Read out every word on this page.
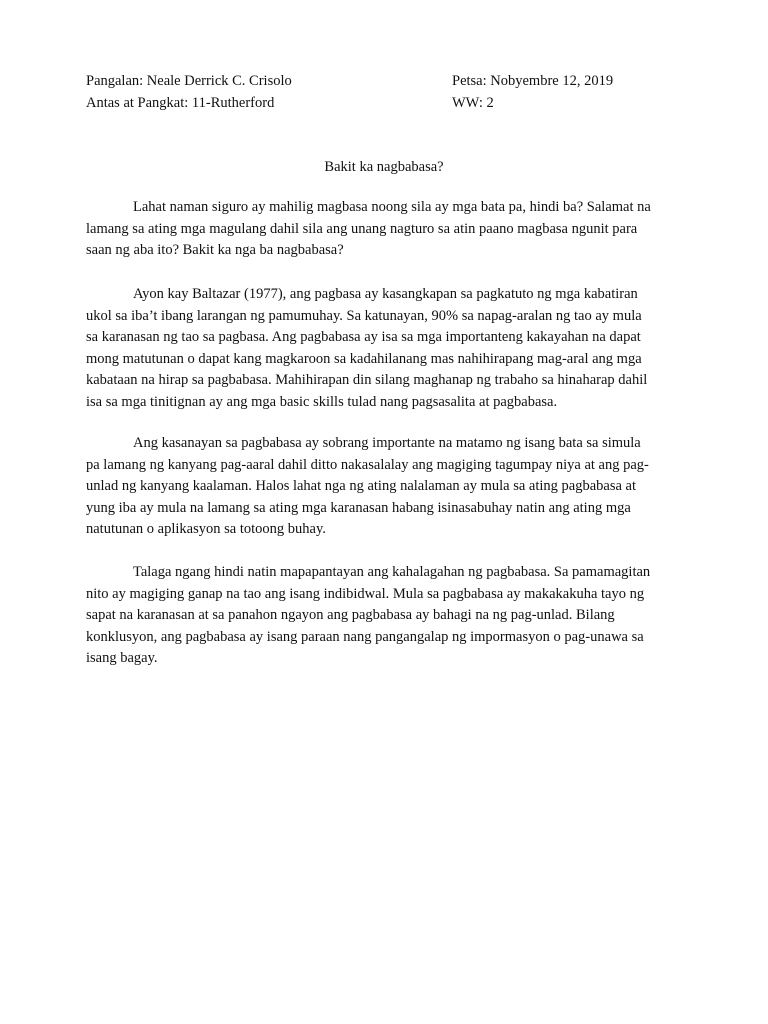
Pangalan: Neale Derrick C. Crisolo	Petsa: Nobyembre 12, 2019
Antas at Pangkat: 11-Rutherford	WW: 2
Bakit ka nagbabasa?
Lahat naman siguro ay mahilig magbasa noong sila ay mga bata pa, hindi ba? Salamat na
lamang sa ating mga magulang dahil sila ang unang nagturo sa atin paano magbasa ngunit para
saan ng aba ito? Bakit ka nga ba nagbabasa?
Ayon kay Baltazar (1977), ang pagbasa ay kasangkapan sa pagkatuto ng mga kabatiran
ukol sa iba’t ibang larangan ng pamumuhay. Sa katunayan, 90% sa napag-aralan ng tao ay mula
sa karanasan ng tao sa pagbasa. Ang pagbabasa ay isa sa mga importanteng kakayahan na dapat
mong matutunan o dapat kang magkaroon sa kadahilanang mas nahihirapang mag-aral ang mga
kabataan na hirap sa pagbabasa. Mahihirapan din silang maghanap ng trabaho sa hinaharap dahil
isa sa mga tinitignan ay ang mga basic skills tulad nang pagsasalita at pagbabasa.
Ang kasanayan sa pagbabasa ay sobrang importante na matamo ng isang bata sa simula
pa lamang ng kanyang pag-aaral dahil ditto nakasalalay ang magiging tagumpay niya at ang pag-
unlad ng kanyang kaalaman. Halos lahat nga ng ating nalalaman ay mula sa ating pagbabasa at
yung iba ay mula na lamang sa ating mga karanasan habang isinasabuhay natin ang ating mga
natutunan o aplikasyon sa totoong buhay.
Talaga ngang hindi natin mapapantayan ang kahalagahan ng pagbabasa. Sa pamamagitan
nito ay magiging ganap na tao ang isang indibidwal. Mula sa pagbabasa ay makakakuha tayo ng
sapat na karanasan at sa panahon ngayon ang pagbabasa ay bahagi na ng pag-unlad. Bilang
konklusyon, ang pagbabasa ay isang paraan nang pangangalap ng impormasyon o pag-unawa sa
isang bagay.
